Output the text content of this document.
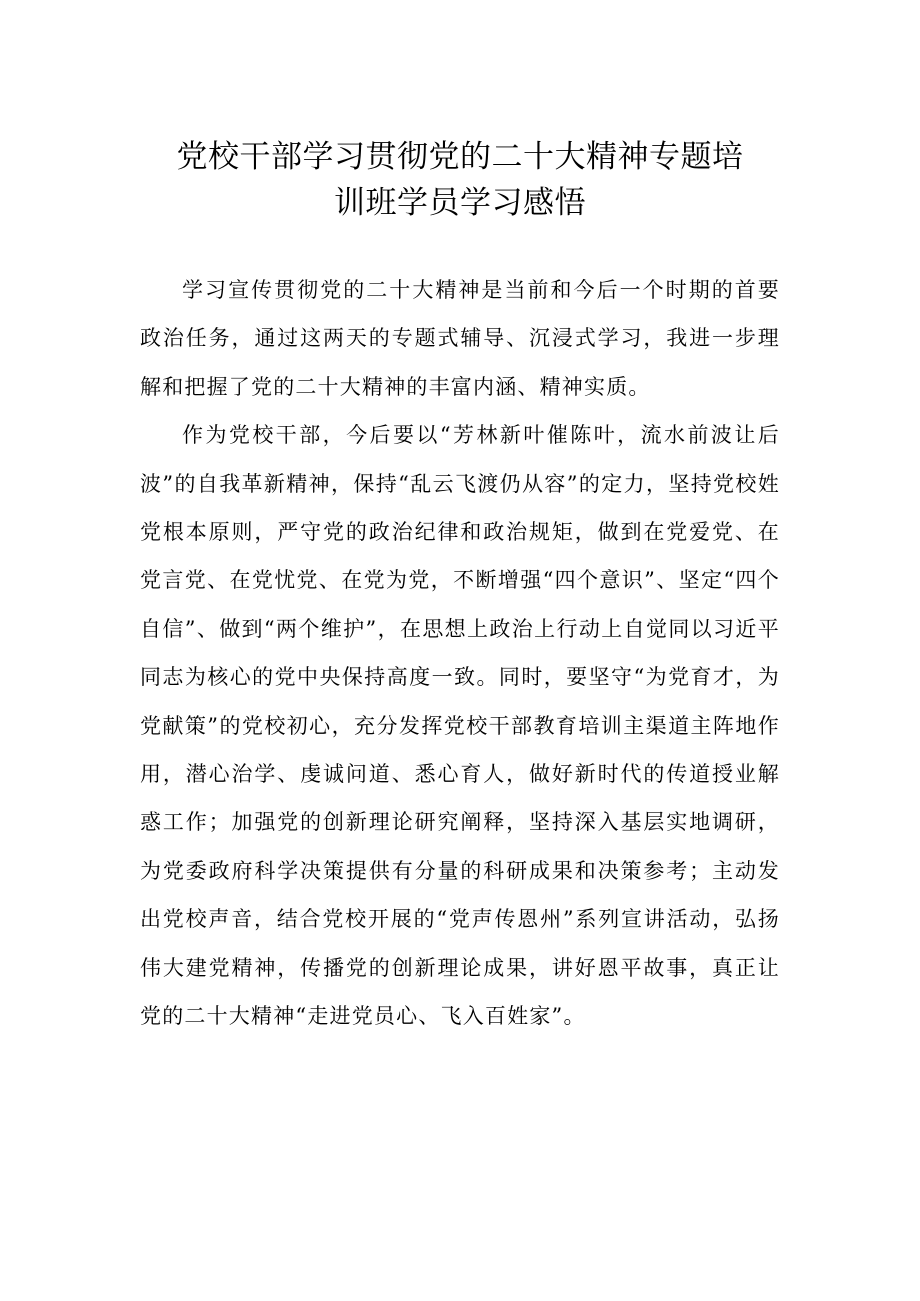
党校干部学习贯彻党的二十大精神专题培
训班学员学习感悟

学习宣传贯彻党的二十大精神是当前和今后一个时期的首要政治任务，通过这两天的专题式辅导、沉浸式学习，我进一步理解和把握了党的二十大精神的丰富内涵、精神实质。

作为党校干部，今后要以“芳林新叶催陈叶，流水前波让后波”的自我革新精神，保持“乱云飞渡仍从容”的定力，坚持党校姓党根本原则，严守党的政治纪律和政治规矩，做到在党爱党、在党言党、在党忧党、在党为党，不断增强“四个意识”、坚定“四个自信”、做到“两个维护”，在思想上政治上行动上自觉同以习近平同志为核心的党中央保持高度一致。同时，要坚守“为党育才，为党献策”的党校初心，充分发挥党校干部教育培训主渠道主阵地作用，潜心治学、虔诚问道、悉心育人，做好新时代的传道授业解惑工作；加强党的创新理论研究阐释，坚持深入基层实地调研，为党委政府科学决策提供有分量的科研成果和决策参考；主动发出党校声音，结合党校开展的“党声传恩州”系列宣讲活动，弘扬伟大建党精神，传播党的创新理论成果，讲好恩平故事，真正让党的二十大精神“走进党员心、飞入百姓家”。
